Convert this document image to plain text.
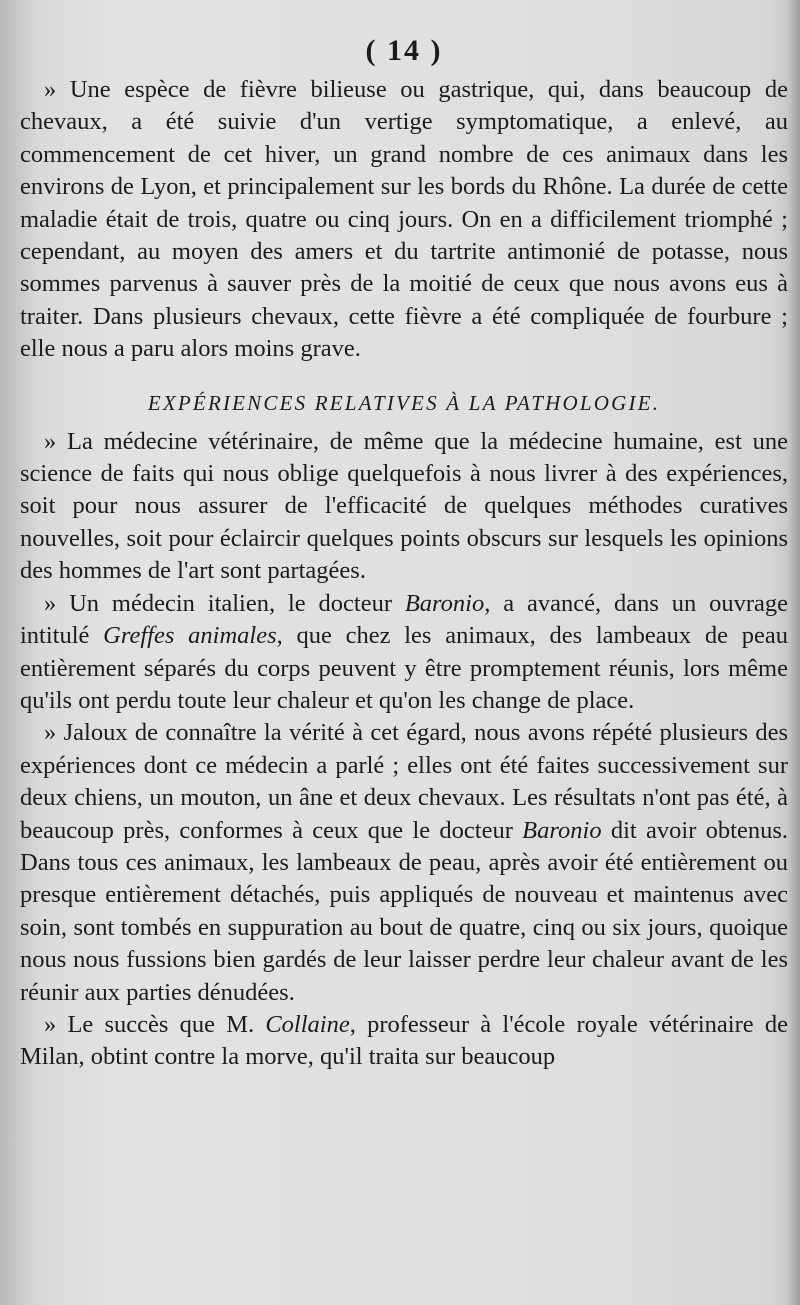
( 14 )

» Une espèce de fièvre bilieuse ou gastrique, qui, dans beaucoup de chevaux, a été suivie d'un vertige symptomatique, a enlevé, au commencement de cet hiver, un grand nombre de ces animaux dans les environs de Lyon, et principalement sur les bords du Rhône. La durée de cette maladie était de trois, quatre ou cinq jours. On en a difficilement triomphé ; cependant, au moyen des amers et du tartrite antimonié de potasse, nous sommes parvenus à sauver près de la moitié de ceux que nous avons eus à traiter. Dans plusieurs chevaux, cette fièvre a été compliquée de fourbure ; elle nous a paru alors moins grave.

EXPÉRIENCES RELATIVES À LA PATHOLOGIE.

» La médecine vétérinaire, de même que la médecine humaine, est une science de faits qui nous oblige quelquefois à nous livrer à des expériences, soit pour nous assurer de l'efficacité de quelques méthodes curatives nouvelles, soit pour éclaircir quelques points obscurs sur lesquels les opinions des hommes de l'art sont partagées.

» Un médecin italien, le docteur Baronio, a avancé, dans un ouvrage intitulé Greffes animales, que chez les animaux, des lambeaux de peau entièrement séparés du corps peuvent y être promptement réunis, lors même qu'ils ont perdu toute leur chaleur et qu'on les change de place.

» Jaloux de connaître la vérité à cet égard, nous avons répété plusieurs des expériences dont ce médecin a parlé ; elles ont été faites successivement sur deux chiens, un mouton, un âne et deux chevaux. Les résultats n'ont pas été, à beaucoup près, conformes à ceux que le docteur Baronio dit avoir obtenus. Dans tous ces animaux, les lambeaux de peau, après avoir été entièrement ou presque entièrement détachés, puis appliqués de nouveau et maintenus avec soin, sont tombés en suppuration au bout de quatre, cinq ou six jours, quoique nous nous fussions bien gardés de leur laisser perdre leur chaleur avant de les réunir aux parties dénudées.

» Le succès que M. Collaine, professeur à l'école royale vétérinaire de Milan, obtint contre la morve, qu'il traita sur beaucoup
